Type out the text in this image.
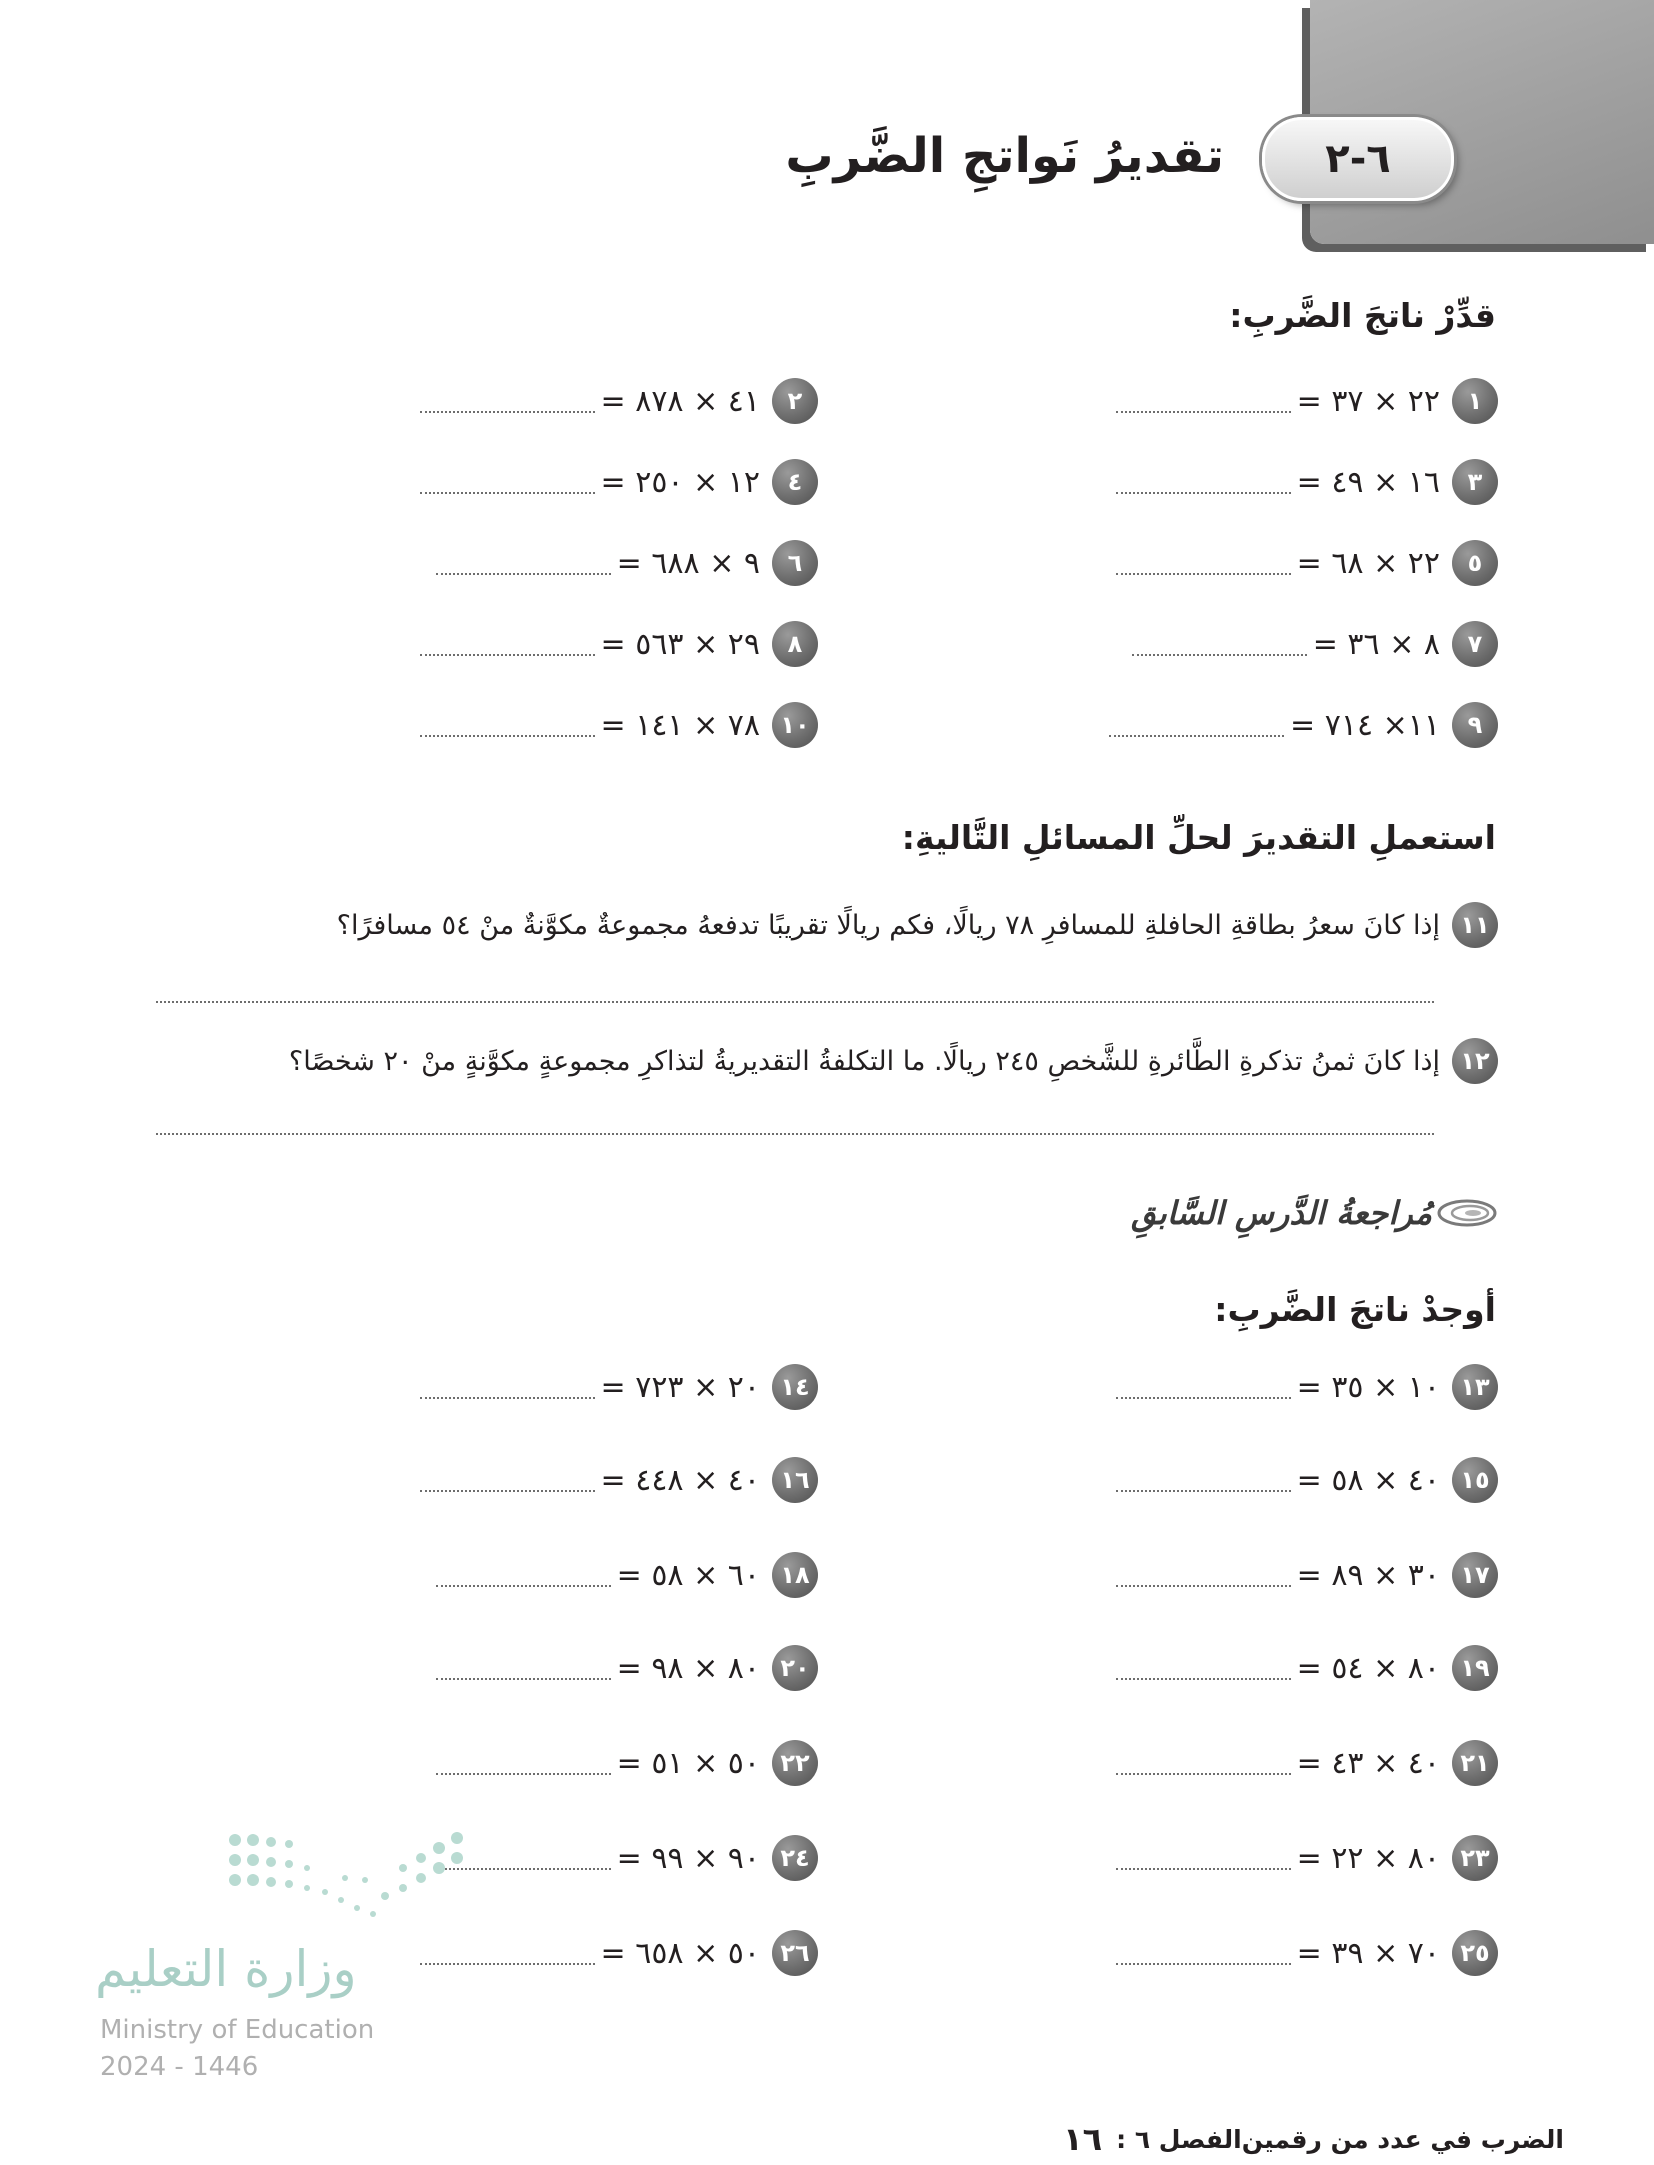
٦-٢
تقديرُ نَواتجِ الضَّربِ
قدِّرْ ناتجَ الضَّربِ:
١
= ٢٢ × ٣٧
٢
= ٤١ × ٨٧٨
٣
= ١٦ × ٤٩
٤
= ١٢ × ٢٥٠
٥
= ٢٢ × ٦٨
٦
= ٩ × ٦٨٨
٧
= ٨ × ٣٦
٨
= ٢٩ × ٥٦٣
٩
= ١١× ٧١٤
١٠
= ٧٨ × ١٤١
استعملِ التقديرَ لحلِّ المسائلِ التَّاليةِ:
١١
إذا كانَ سعرُ بطاقةِ الحافلةِ للمسافرِ ٧٨ ريالًا، فكم ريالًا تقريبًا تدفعهُ مجموعةٌ مكوَّنةٌ منْ ٥٤ مسافرًا؟
١٢
إذا كانَ ثمنُ تذكرةِ الطَّائرةِ للشَّخصِ ٢٤٥ ريالًا. ما التكلفةُ التقديريةُ لتذاكرِ مجموعةٍ مكوَّنةٍ منْ ٢٠ شخصًا؟
مُراجعةُ الدَّرسِ السَّابقِ
أوجدْ ناتجَ الضَّربِ:
١٣
= ١٠ × ٣٥
١٤
= ٢٠ × ٧٢٣
١٥
= ٤٠ × ٥٨
١٦
= ٤٠ × ٤٤٨
١٧
= ٣٠ × ٨٩
١٨
= ٦٠ × ٥٨
١٩
= ٨٠ × ٥٤
٢٠
= ٨٠ × ٩٨
٢١
= ٤٠ × ٤٣
٢٢
= ٥٠ × ٥١
٢٣
= ٨٠ × ٢٢
٢٤
= ٩٠ × ٩٩
٢٥
= ٧٠ × ٣٩
٢٦
= ٥٠ × ٦٥٨
وزارة التعليم
Ministry of Education
2024 - 1446
١٦ الفصل ٦ : الضرب في عدد من رقمين
